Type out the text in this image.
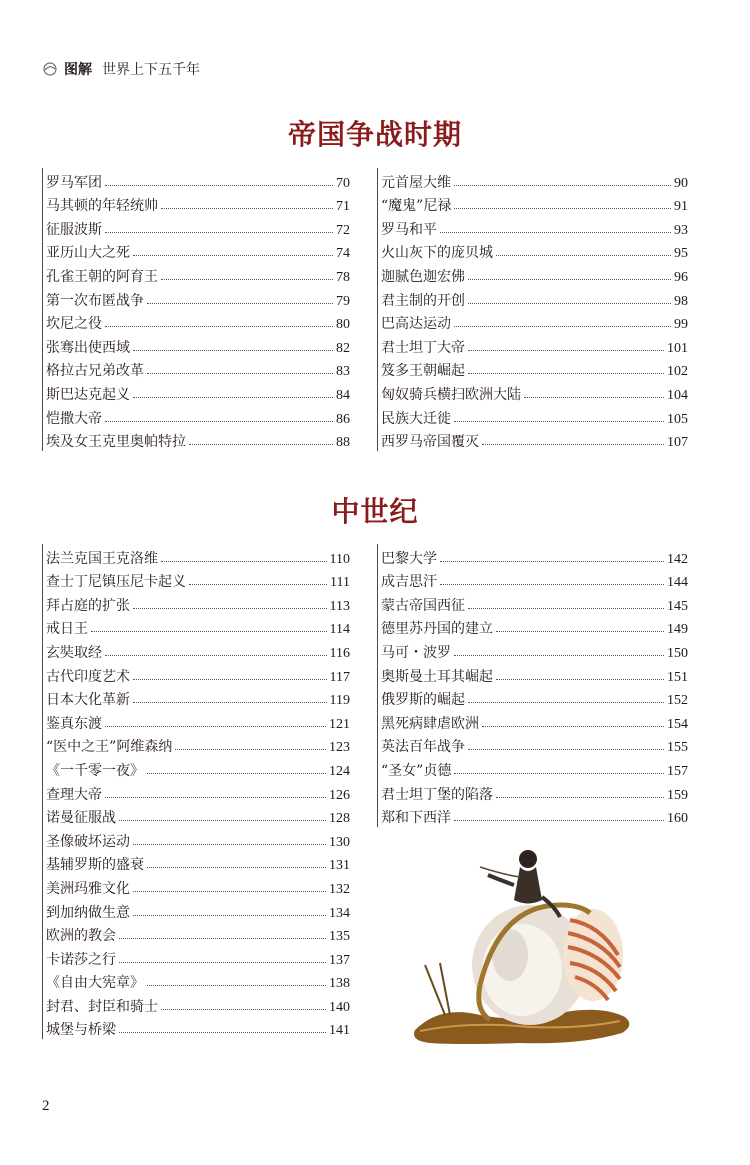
图解 世界上下五千年
帝国争战时期
罗马军团	70
马其顿的年轻统帅	71
征服波斯	72
亚历山大之死	74
孔雀王朝的阿育王	78
第一次布匿战争	79
坎尼之役	80
张骞出使西域	82
格拉古兄弟改革	83
斯巴达克起义	84
恺撒大帝	86
埃及女王克里奥帕特拉	88
元首屋大维	90
“魔鬼”尼禄	91
罗马和平	93
火山灰下的庞贝城	95
迦腻色迦宏佛	96
君主制的开创	98
巴高达运动	99
君士坦丁大帝	101
笈多王朝崛起	102
匈奴骑兵横扫欧洲大陆	104
民族大迁徙	105
西罗马帝国覆灭	107
中世纪
法兰克国王克洛维	110
查士丁尼镇压尼卡起义	111
拜占庭的扩张	113
戒日王	114
玄奘取经	116
古代印度艺术	117
日本大化革新	119
鉴真东渡	121
“医中之王”阿维森纳	123
《一千零一夜》	124
查理大帝	126
诺曼征服战	128
圣像破坏运动	130
基辅罗斯的盛衰	131
美洲玛雅文化	132
到加纳做生意	134
欧洲的教会	135
卡诺莎之行	137
《自由大宪章》	138
封君、封臣和骑士	140
城堡与桥梁	141
巴黎大学	142
成吉思汗	144
蒙古帝国西征	145
德里苏丹国的建立	149
马可・波罗	150
奥斯曼土耳其崛起	151
俄罗斯的崛起	152
黑死病肆虐欧洲	154
英法百年战争	155
“圣女”贞德	157
君士坦丁堡的陷落	159
郑和下西洋	160
2
